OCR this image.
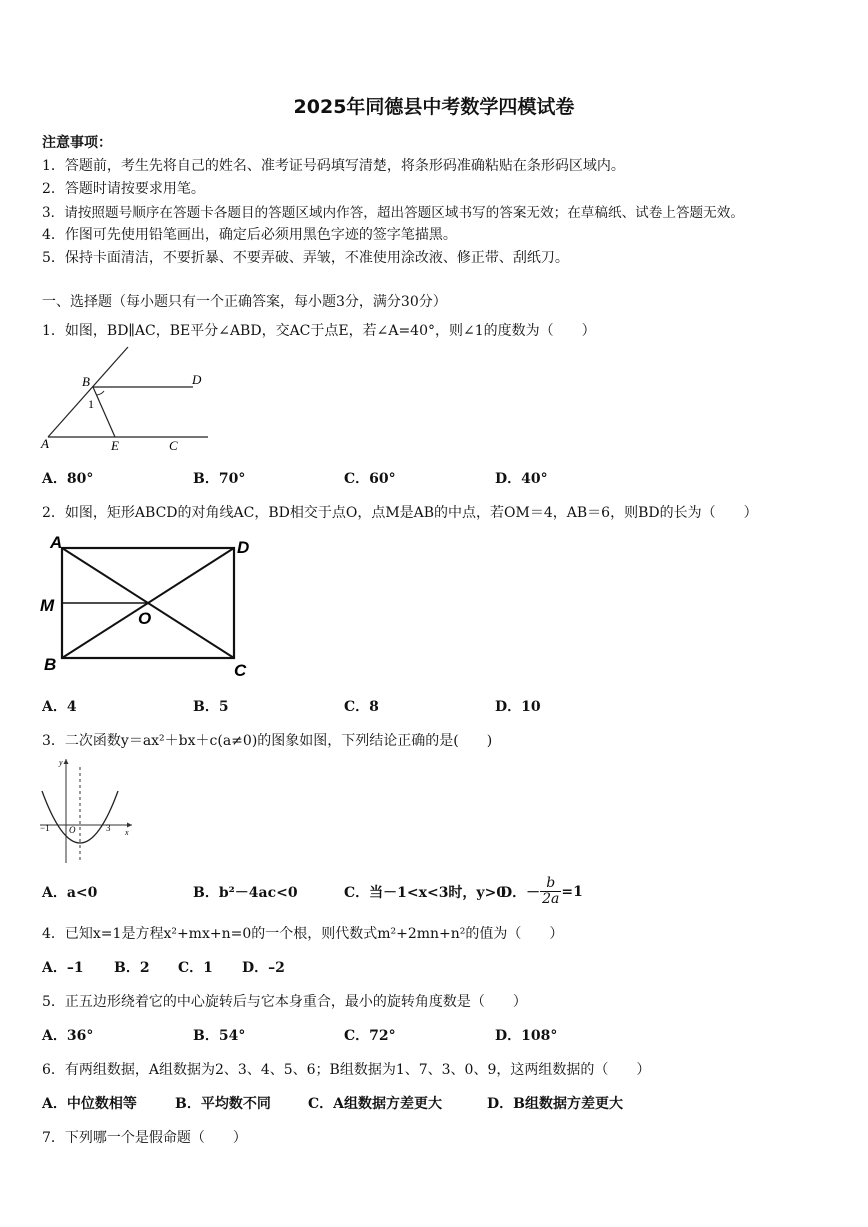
2025年同德县中考数学四模试卷
注意事项：
1．答题前，考生先将自己的姓名、准考证号码填写清楚，将条形码准确粘贴在条形码区域内。
2．答题时请按要求用笔。
3．请按照题号顺序在答题卡各题目的答题区域内作答，超出答题区域书写的答案无效；在草稿纸、试卷上答题无效。
4．作图可先使用铅笔画出，确定后必须用黑色字迹的签字笔描黑。
5．保持卡面清洁，不要折暴、不要弄破、弄皱，不准使用涂改液、修正带、刮纸刀。
一、选择题（每小题只有一个正确答案，每小题3分，满分30分）
1．如图，BD∥AC，BE平分∠ABD，交AC于点E，若∠A=40°，则∠1的度数为（　　）
B	D
1
A	E	C
A．80°	B．70°	C．60°	D．40°
2．如图，矩形ABCD的对角线AC，BD相交于点O，点M是AB的中点，若OM＝4，AB＝6，则BD的长为（　　）
A	D
M
O
B	C
A．4	B．5	C．8	D．10
3．二次函数y＝ax²＋bx＋c(a≠0)的图象如图，下列结论正确的是(　　)
y
x
−1 O	3
A．a<0	B．b²－4ac<0	C．当－1<x<3时，y>0
D．－ $\frac{b}{2a} =1$
4．已知x=1是方程x²+mx+n=0的一个根，则代数式m²+2mn+n²的值为（　　）
A．–1 B．2 C．1 D．–2
5．正五边形绕着它的中心旋转后与它本身重合，最小的旋转角度数是（　　）
A．36°	B．54°	C．72°	D．108°
6．有两组数据，A组数据为2、3、4、5、6；B组数据为1、7、3、0、9，这两组数据的（　　）
A．中位数相等	B．平均数不同	C．A组数据方差更大	D．B组数据方差更大
7．下列哪一个是假命题（　　）
